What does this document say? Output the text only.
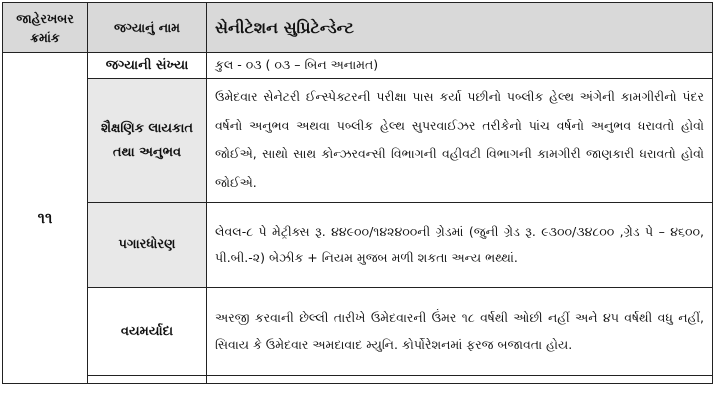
જાહેરખબર ક્રમાંક	જગ્યાનું નામ	સેનીટેશન સુપ્રિટેન્ડેન્ટ
૧૧	જગ્યાની સંખ્યા	કુલ - ૦૩ ( ૦૩ – બિન અનામત)
	શૈક્ષણિક લાયકાત તથા અનુભવ	ઉમેદવાર સેનેટરી ઈન્સ્પેક્ટરની પરીક્ષા પાસ કર્યા પછીનો પબ્લીક હેલ્થ અંગેની કામગીરીનો પંદર વર્ષનો અનુભવ અથવા પબ્લીક હેલ્થ સુપરવાઈઝર તરીકેનો પાંચ વર્ષનો અનુભવ ધરાવતો હોવો જોઈએ, સાથો સાથ કોન્ઝરવન્સી વિભાગની વહીવટી વિભાગની કામગીરી જાણકારી ધરાવતો હોવો જોઈએ.
	પગારધોરણ	લેવલ-૮ પે મેટ્રીક્સ રૂ. ૪૪૯૦૦/૧૪૨૪૦૦ની ગ્રેડમાં (જુની ગ્રેડ રૂ. ૯૩૦૦/૩૪૮૦૦ ,ગ્રેડ પે – ૪૬૦૦, પી.બી.-૨) બેઝીક + નિયમ મુજબ મળી શકતા અન્ય ભથ્થાં.
	વયમર્યાદા	અરજી કરવાની છેલ્લી તારીખે ઉમેદવારની ઉંમર ૧૮ વર્ષથી ઓછી નહીં અને ૪૫ વર્ષથી વધુ નહીં, સિવાય કે ઉમેદવાર અમદાવાદ મ્યુનિ. કોર્પોરેશનમાં ફરજ બજાવતા હોય.
